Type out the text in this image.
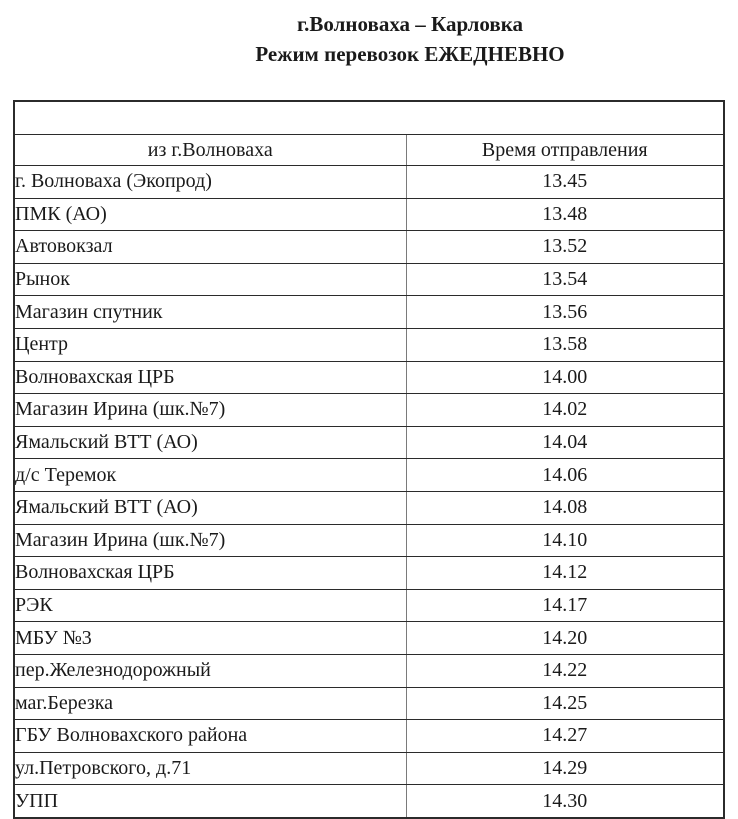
г.Волноваха – Карловка
Режим перевозок ЕЖЕДНЕВНО

из г.Волноваха	Время отправления
г. Волноваха (Экопрод)	13.45
ПМК (АО)	13.48
Автовокзал	13.52
Рынок	13.54
Магазин спутник	13.56
Центр	13.58
Волновахская ЦРБ	14.00
Магазин Ирина (шк.№7)	14.02
Ямальский ВТТ (АО)	14.04
д/с Теремок	14.06
Ямальский ВТТ (АО)	14.08
Магазин Ирина (шк.№7)	14.10
Волновахская ЦРБ	14.12
РЭК	14.17
МБУ №3	14.20
пер.Железнодорожный	14.22
маг.Березка	14.25
ГБУ Волновахского района	14.27
ул.Петровского, д.71	14.29
УПП	14.30
